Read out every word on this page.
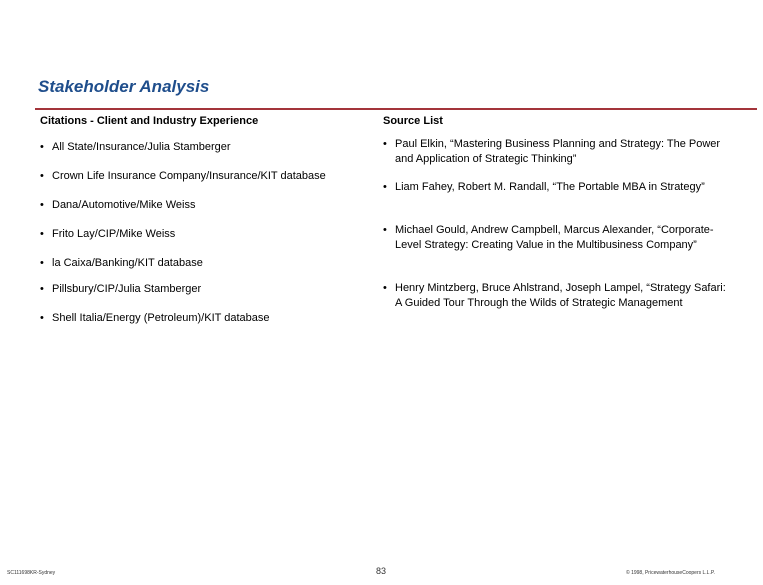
Stakeholder Analysis
Citations - Client and Industry Experience	Source List
• All State/Insurance/Julia Stamberger
• Crown Life Insurance Company/Insurance/KIT database
• Dana/Automotive/Mike Weiss
• Frito Lay/CIP/Mike Weiss
• la Caixa/Banking/KIT database
• Pillsbury/CIP/Julia Stamberger
• Shell Italia/Energy (Petroleum)/KIT database
• Paul Elkin, “Mastering Business Planning and Strategy: The Power and Application of Strategic Thinking”
• Liam Fahey, Robert M. Randall, “The Portable MBA in Strategy”
• Michael Gould, Andrew Campbell, Marcus Alexander, “Corporate-Level Strategy: Creating Value in the Multibusiness Company”
• Henry Mintzberg, Bruce Ahlstrand, Joseph Lampel, “Strategy Safari: A Guided Tour Through the Wilds of Strategic Management
SC111698KR-Sydney	83	© 1998, PricewaterhouseCoopers L.L.P.
